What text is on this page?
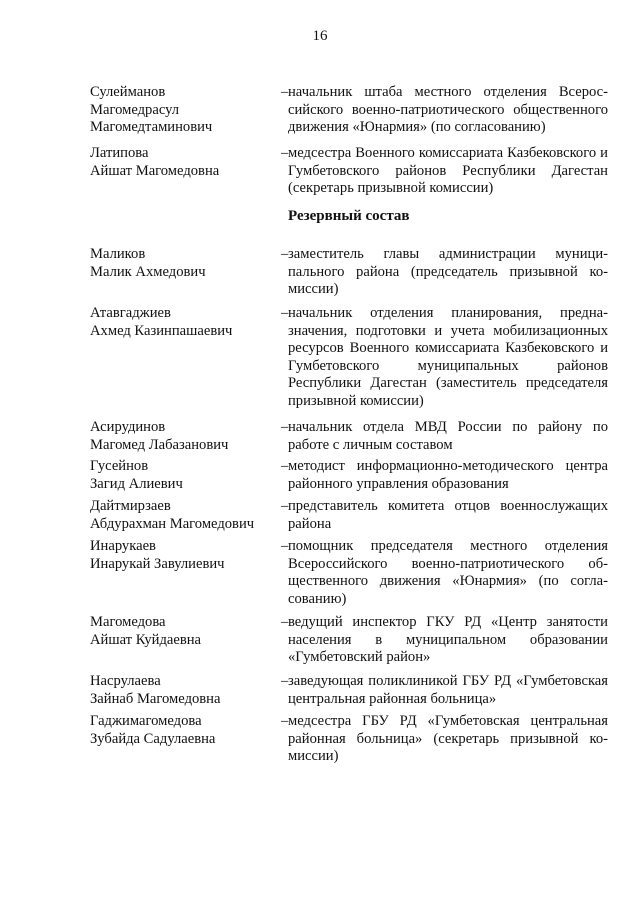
16
Сулейманов
Магомедрасул
Магомедтаминович
– начальник штаба местного отделения Всероссийского военно-патриотического общественного движения «Юнармия» (по согласованию)
Латипова
Айшат Магомедовна
– медсестра Военного комиссариата Казбековского и Гумбетовского районов Республики Дагестан (секретарь призывной комиссии)
Резервный состав
Маликов
Малик Ахмедович
– заместитель главы администрации муниципального района (председатель призывной комиссии)
Атавгаджиев
Ахмед Казинпашаевич
– начальник отделения планирования, предназначения, подготовки и учета мобилизационных ресурсов Военного комиссариата Казбековского и Гумбетовского муниципальных районов Республики Дагестан (заместитель председателя призывной комиссии)
Асирудинов
Магомед Лабазанович
– начальник отдела МВД России по району по работе с личным составом
Гусейнов
Загид Алиевич
– методист информационно-методического центра районного управления образования
Дайтмирзаев
Абдурахман Магомедович
– представитель комитета отцов военнослужащих района
Инарукаев
Инарукай Завулиевич
– помощник председателя местного отделения Всероссийского военно-патриотического общественного движения «Юнармия» (по согласованию)
Магомедова
Айшат Куйдаевна
– ведущий инспектор ГКУ РД «Центр занятости населения в муниципальном образовании «Гумбетовский район»
Насрулаева
Зайнаб Магомедовна
– заведующая поликлиникой ГБУ РД «Гумбетовская центральная районная больница»
Гаджимагомедова
Зубайда Садулаевна
– медсестра ГБУ РД «Гумбетовская центральная районная больница» (секретарь призывной комиссии)
